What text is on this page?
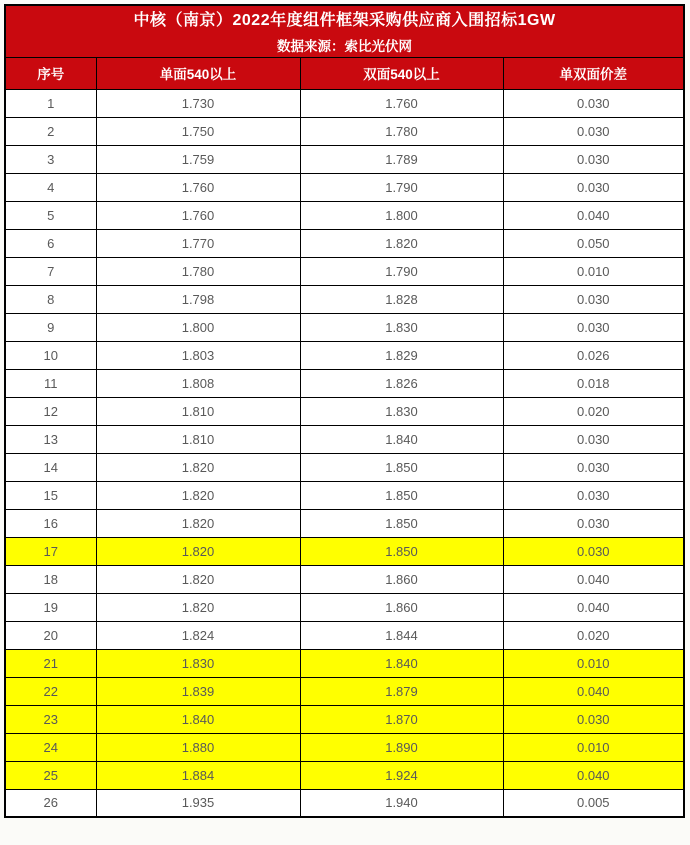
中核（南京）2022年度组件框架采购供应商入围招标1GW			
数据来源：索比光伏网			
序号	单面540以上	双面540以上	单双面价差
1	1.730	1.760	0.030
2	1.750	1.780	0.030
3	1.759	1.789	0.030
4	1.760	1.790	0.030
5	1.760	1.800	0.040
6	1.770	1.820	0.050
7	1.780	1.790	0.010
8	1.798	1.828	0.030
9	1.800	1.830	0.030
10	1.803	1.829	0.026
11	1.808	1.826	0.018
12	1.810	1.830	0.020
13	1.810	1.840	0.030
14	1.820	1.850	0.030
15	1.820	1.850	0.030
16	1.820	1.850	0.030
17	1.820	1.850	0.030
18	1.820	1.860	0.040
19	1.820	1.860	0.040
20	1.824	1.844	0.020
21	1.830	1.840	0.010
22	1.839	1.879	0.040
23	1.840	1.870	0.030
24	1.880	1.890	0.010
25	1.884	1.924	0.040
26	1.935	1.940	0.005
